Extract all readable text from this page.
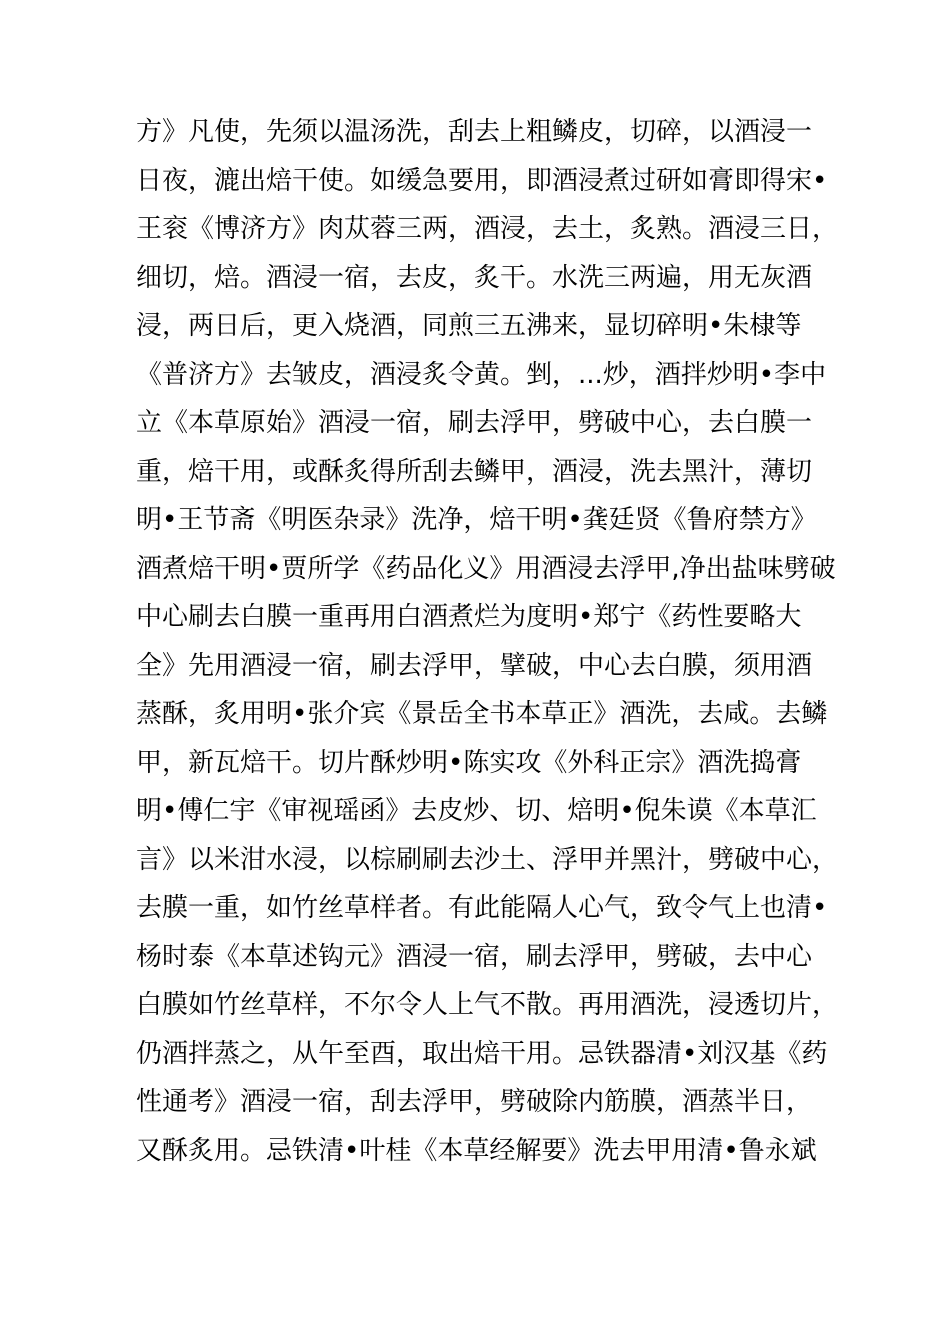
方》凡使，先须以温汤洗，刮去上粗鳞皮，切碎，以酒浸一
日夜，漉出焙干使。如缓急要用，即酒浸煮过研如膏即得宋•
王衮《博济方》肉苁蓉三两，酒浸，去土，炙熟。酒浸三日，
细切，焙。酒浸一宿，去皮，炙干。水洗三两遍，用无灰酒
浸，两日后，更入烧酒，同煎三五沸来，显切碎明•朱棣等
《普济方》去皱皮，酒浸炙令黄。剉，...炒，酒拌炒明•李中
立《本草原始》酒浸一宿，刷去浮甲，劈破中心，去白膜一
重，焙干用，或酥炙得所刮去鳞甲，酒浸，洗去黑汁，薄切
明•王节斋《明医杂录》洗净，焙干明•龚廷贤《鲁府禁方》
酒煮焙干明•贾所学《药品化义》用酒浸去浮甲,净出盐味劈破
中心刷去白膜一重再用白酒煮烂为度明•郑宁《药性要略大
全》先用酒浸一宿，刷去浮甲，擘破，中心去白膜，须用酒
蒸酥，炙用明•张介宾《景岳全书本草正》酒洗，去咸。去鳞
甲，新瓦焙干。切片酥炒明•陈实攻《外科正宗》酒洗捣膏
明•傅仁宇《审视瑶函》去皮炒、切、焙明•倪朱谟《本草汇
言》以米泔水浸，以棕刷刷去沙土、浮甲并黑汁，劈破中心，
去膜一重，如竹丝草样者。有此能隔人心气，致令气上也清•
杨时泰《本草述钩元》酒浸一宿，刷去浮甲，劈破，去中心
白膜如竹丝草样，不尔令人上气不散。再用酒洗，浸透切片，
仍酒拌蒸之，从午至酉，取出焙干用。忌铁器清•刘汉基《药
性通考》酒浸一宿，刮去浮甲，劈破除内筋膜，酒蒸半日，
又酥炙用。忌铁清•叶桂《本草经解要》洗去甲用清•鲁永斌
